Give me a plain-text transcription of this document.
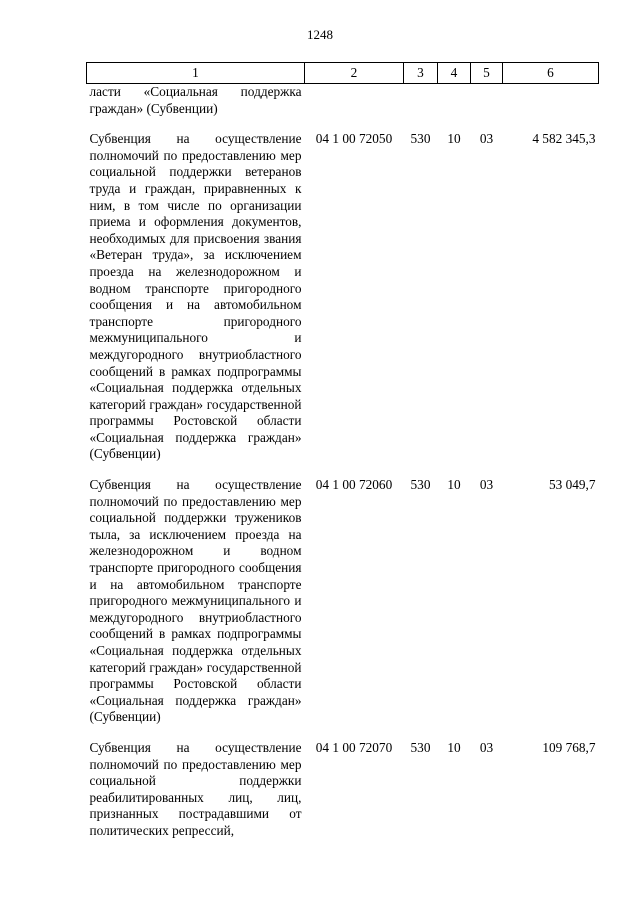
1248
1	2	3	4	5	6
ласти «Социальная поддержка граждан» (Субвенции)					

Субвенция на осуществление полномочий по предоставлению мер социальной поддержки ветеранов труда и граждан, приравненных к ним, в том числе по организации приема и оформления документов, необходимых для присвоения звания «Ветеран труда», за исключением проезда на железнодорожном и водном транспорте пригородного сообщения и на автомобильном транспорте пригородного межмуниципального и междугородного внутриобластного сообщений в рамках подпрограммы «Социальная поддержка отдельных категорий граждан» государственной программы Ростовской области «Социальная поддержка граждан» (Субвенции)	04 1 00 72050	530	10	03	4 582 345,3

Субвенция на осуществление полномочий по предоставлению мер социальной поддержки тружеников тыла, за исключением проезда на железнодорожном и водном транспорте пригородного сообщения и на автомобильном транспорте пригородного межмуниципального и междугородного внутриобластного сообщений в рамках подпрограммы «Социальная поддержка отдельных категорий граждан» государственной программы Ростовской области «Социальная поддержка граждан» (Субвенции)	04 1 00 72060	530	10	03	53 049,7

Субвенция на осуществление полномочий по предоставлению мер социальной поддержки реабилитированных лиц, лиц, признанных пострадавшими от политических репрессий,	04 1 00 72070	530	10	03	109 768,7
